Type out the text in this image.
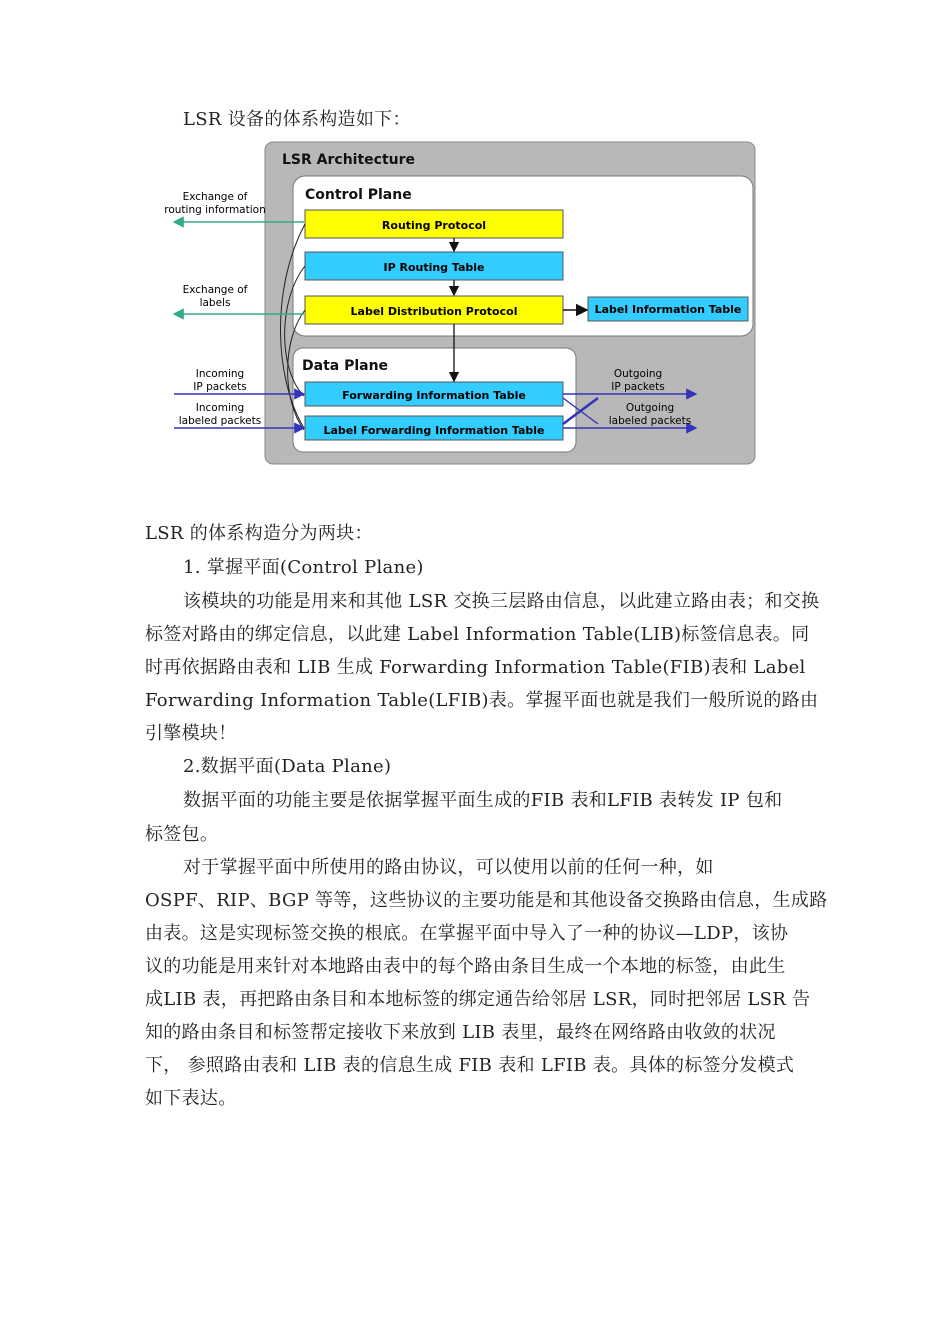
LSR 设备的体系构造如下：
LSR Architecture
Control Plane
Routing Protocol
IP Routing Table
Label Distribution Protocol	Label Information Table
Data Plane
Forwarding Information Table
Label Forwarding Information Table
Exchange of
routing information
Exchange of
labels
Incoming
IP packets
Incoming
labeled packets
Outgoing
IP packets
Outgoing
labeled packets
LSR 的体系构造分为两块：
1. 掌握平面(Control Plane)
该模块的功能是用来和其他 LSR 交换三层路由信息，以此建立路由表；和交换
标签对路由的绑定信息，以此建 Label Information Table(LIB)标签信息表。同
时再依据路由表和 LIB 生成 Forwarding Information Table(FIB)表和 Label
Forwarding Information Table(LFIB)表。掌握平面也就是我们一般所说的路由
引擎模块！
2.数据平面(Data Plane)
数据平面的功能主要是依据掌握平面生成的FIB 表和LFIB 表转发 IP 包和
标签包。
对于掌握平面中所使用的路由协议，可以使用以前的任何一种，如
OSPF、RIP、BGP 等等，这些协议的主要功能是和其他设备交换路由信息，生成路
由表。这是实现标签交换的根底。在掌握平面中导入了一种的协议—LDP，该协
议的功能是用来针对本地路由表中的每个路由条目生成一个本地的标签，由此生
成LIB 表，再把路由条目和本地标签的绑定通告给邻居 LSR，同时把邻居 LSR 告
知的路由条目和标签帮定接收下来放到 LIB 表里，最终在网络路由收敛的状况
下， 参照路由表和 LIB 表的信息生成 FIB 表和 LFIB 表。具体的标签分发模式
如下表达。
